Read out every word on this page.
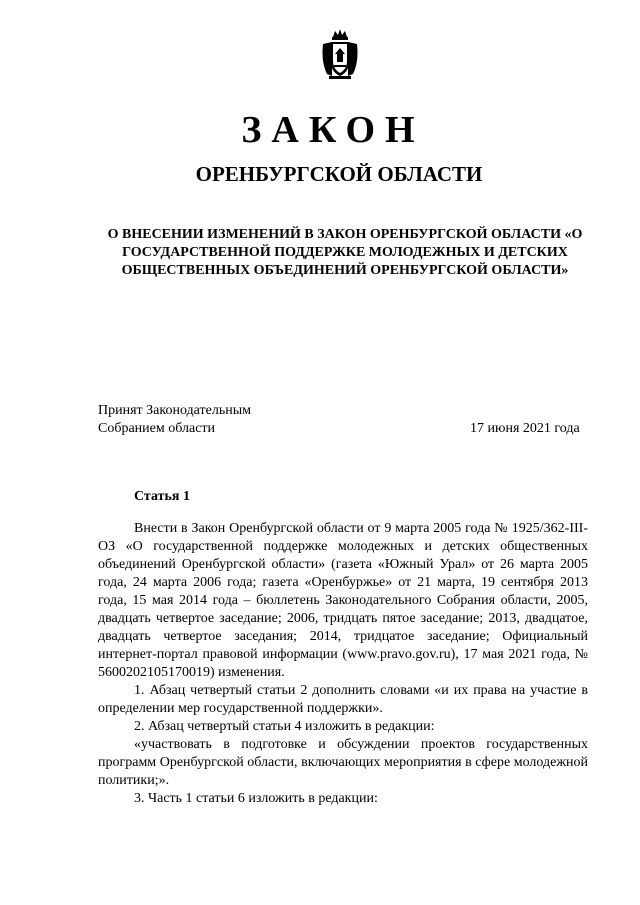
ЗАКОН
ОРЕНБУРГСКОЙ ОБЛАСТИ
О ВНЕСЕНИИ ИЗМЕНЕНИЙ В ЗАКОН ОРЕНБУРГСКОЙ ОБЛАСТИ «О ГОСУДАРСТВЕННОЙ ПОДДЕРЖКЕ МОЛОДЕЖНЫХ И ДЕТСКИХ ОБЩЕСТВЕННЫХ ОБЪЕДИНЕНИЙ ОРЕНБУРГСКОЙ ОБЛАСТИ»
Принят Законодательным
Собранием области	17 июня 2021 года
Статья 1

Внести в Закон Оренбургской области от 9 марта 2005 года № 1925/362-III-ОЗ «О государственной поддержке молодежных и детских общественных объединений Оренбургской области» (газета «Южный Урал» от 26 марта 2005 года, 24 марта 2006 года; газета «Оренбуржье» от 21 марта, 19 сентября 2013 года, 15 мая 2014 года – бюллетень Законодательного Собрания области, 2005, двадцать четвертое заседание; 2006, тридцать пятое заседание; 2013, двадцатое, двадцать четвертое заседания; 2014, тридцатое заседание; Официальный интернет-портал правовой информации (www.pravo.gov.ru), 17 мая 2021 года, № 5600202105170019) изменения.

1. Абзац четвертый статьи 2 дополнить словами «и их права на участие в определении мер государственной поддержки».

2. Абзац четвертый статьи 4 изложить в редакции:

«участвовать в подготовке и обсуждении проектов государственных программ Оренбургской области, включающих мероприятия в сфере молодежной политики;».

3. Часть 1 статьи 6 изложить в редакции:
